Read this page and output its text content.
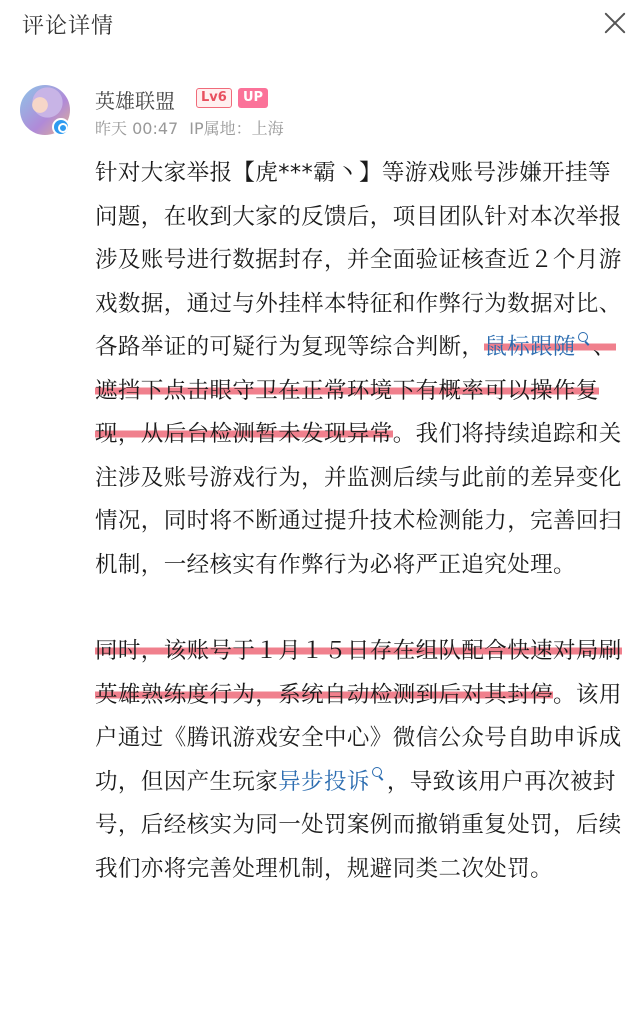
评论详情
英雄联盟	Lv6	UP
昨天 00:47 IP属地：上海

针对大家举报【虎***霸丶】等游戏账号涉嫌开挂等问题，在收到大家的反馈后，项目团队针对本次举报涉及账号进行数据封存，并全面验证核查近２个月游戏数据，通过与外挂样本特征和作弊行为数据对比、各路举证的可疑行为复现等综合判断，鼠标跟随 、遮挡下点击眼守卫在正常环境下有概率可以操作复现，从后台检测暂未发现异常。我们将持续追踪和关注涉及账号游戏行为，并监测后续与此前的差异变化情况，同时将不断通过提升技术检测能力，完善回扫机制，一经核实有作弊行为必将严正追究处理。

同时，该账号于１月１５日存在组队配合快速对局刷英雄熟练度行为，系统自动检测到后对其封停。该用户通过《腾讯游戏安全中心》微信公众号自助申诉成功，但因产生玩家异步投诉 ，导致该用户再次被封号，后经核实为同一处罚案例而撤销重复处罚，后续我们亦将完善处理机制，规避同类二次处罚。
